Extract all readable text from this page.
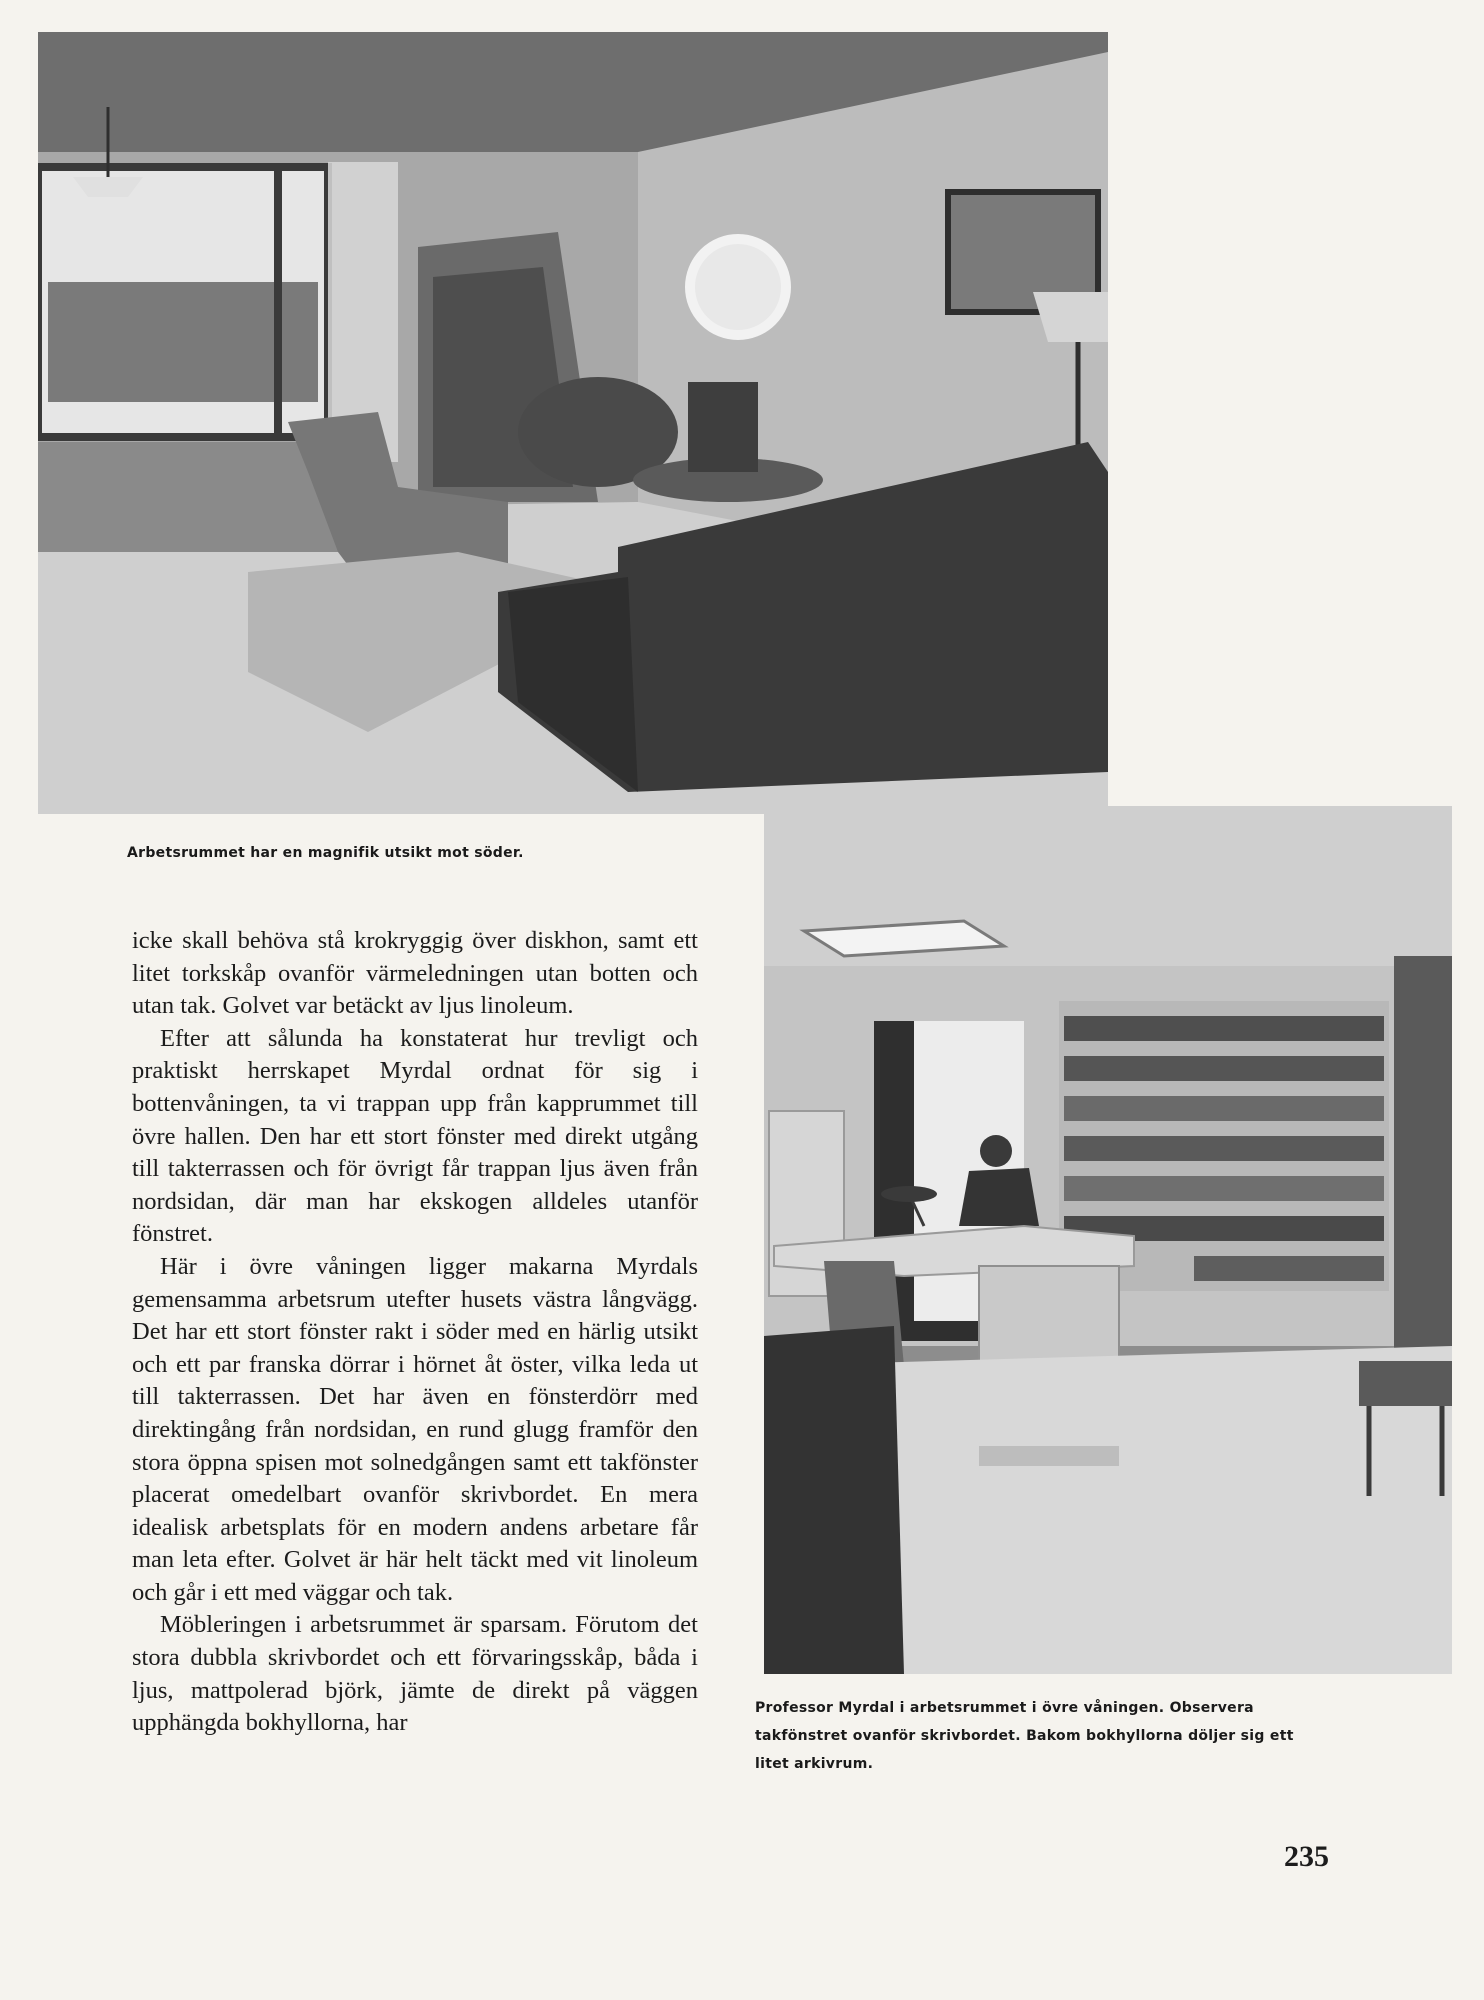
Arbetsrummet har en magnifik utsikt mot söder.

icke skall behöva stå krokryggig över diskhon, samt ett litet torkskåp ovanför värmeledningen utan botten och utan tak. Golvet var betäckt av ljus linoleum.

Efter att sålunda ha konstaterat hur trevligt och praktiskt herrskapet Myrdal ordnat för sig i bottenvåningen, ta vi trappan upp från kapprummet till övre hallen. Den har ett stort fönster med direkt utgång till takterrassen och för övrigt får trappan ljus även från nordsidan, där man har ekskogen alldeles utanför fönstret.

Här i övre våningen ligger makarna Myrdals gemensamma arbetsrum utefter husets västra långvägg. Det har ett stort fönster rakt i söder med en härlig utsikt och ett par franska dörrar i hörnet åt öster, vilka leda ut till takterrassen. Det har även en fönsterdörr med direktingång från nordsidan, en rund glugg framför den stora öppna spisen mot solnedgången samt ett takfönster placerat omedelbart ovanför skrivbordet. En mera idealisk arbetsplats för en modern andens arbetare får man leta efter. Golvet är här helt täckt med vit linoleum och går i ett med väggar och tak.

Möbleringen i arbetsrummet är sparsam. Förutom det stora dubbla skrivbordet och ett förvaringsskåp, båda i ljus, mattpolerad björk, jämte de direkt på väggen upphängda bokhyllorna, har

Professor Myrdal i arbetsrummet i övre våningen. Observera takfönstret ovanför skrivbordet. Bakom bokhyllorna döljer sig ett litet arkivrum.
235
